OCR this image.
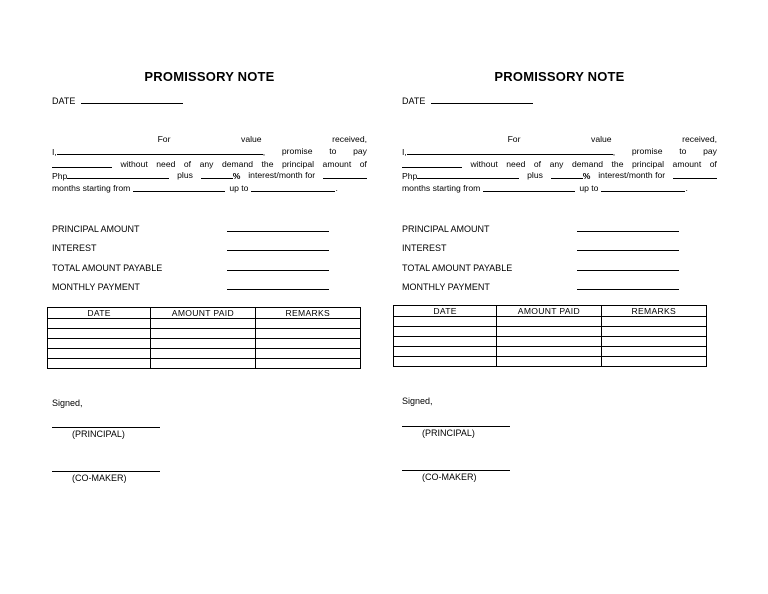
PROMISSORY NOTE
DATE
For	value	received,
I,	, promise to pay
without need of any demand the principal amount of
Php	plus	% interest/month for
months starting from	up to	.
PRINCIPAL AMOUNT
INTEREST
TOTAL AMOUNT PAYABLE
MONTHLY PAYMENT
DATE	AMOUNT PAID	REMARKS

Signed,
(PRINCIPAL)
(CO-MAKER)
PROMISSORY NOTE
DATE
For	value	received,
I,	, promise to pay
without need of any demand the principal amount of
Php	plus	% interest/month for
months starting from	up to	.
PRINCIPAL AMOUNT
INTEREST
TOTAL AMOUNT PAYABLE
MONTHLY PAYMENT
DATE	AMOUNT PAID	REMARKS

Signed,
(PRINCIPAL)
(CO-MAKER)
